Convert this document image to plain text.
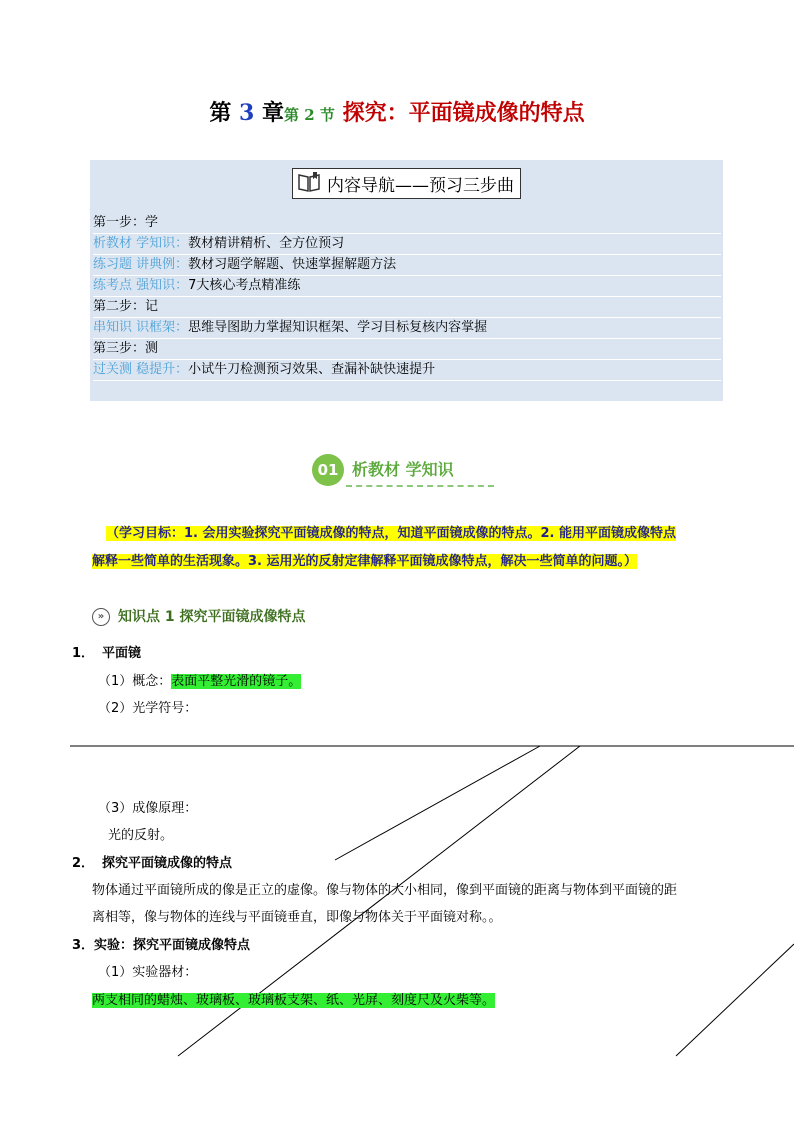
第 3 章第 2 节 探究：平面镜成像的特点
内容导航——预习三步曲
第一步：学
析教材 学知识：教材精讲精析、全方位预习
练习题 讲典例：教材习题学解题、快速掌握解题方法
练考点 强知识：7大核心考点精准练
第二步：记
串知识 识框架：思维导图助力掌握知识框架、学习目标复核内容掌握
第三步：测
过关测 稳提升：小试牛刀检测预习效果、查漏补缺快速提升
01 析教材 学知识
（学习目标：1. 会用实验探究平面镜成像的特点，知道平面镜成像的特点。2. 能用平面镜成像特点
解释一些简单的生活现象。3. 运用光的反射定律解释平面镜成像特点，解决一些简单的问题。）
» 知识点 1 探究平面镜成像特点
1． 平面镜
（1）概念：表面平整光滑的镜子。
（2）光学符号：
（3）成像原理：
光的反射。
2． 探究平面镜成像的特点
物体通过平面镜所成的像是正立的虚像。像与物体的大小相同，像到平面镜的距离与物体到平面镜的距
离相等，像与物体的连线与平面镜垂直，即像与物体关于平面镜对称。。
3．实验：探究平面镜成像特点
（1）实验器材：
两支相同的蜡烛、玻璃板、玻璃板支架、纸、光屏、刻度尺及火柴等。
